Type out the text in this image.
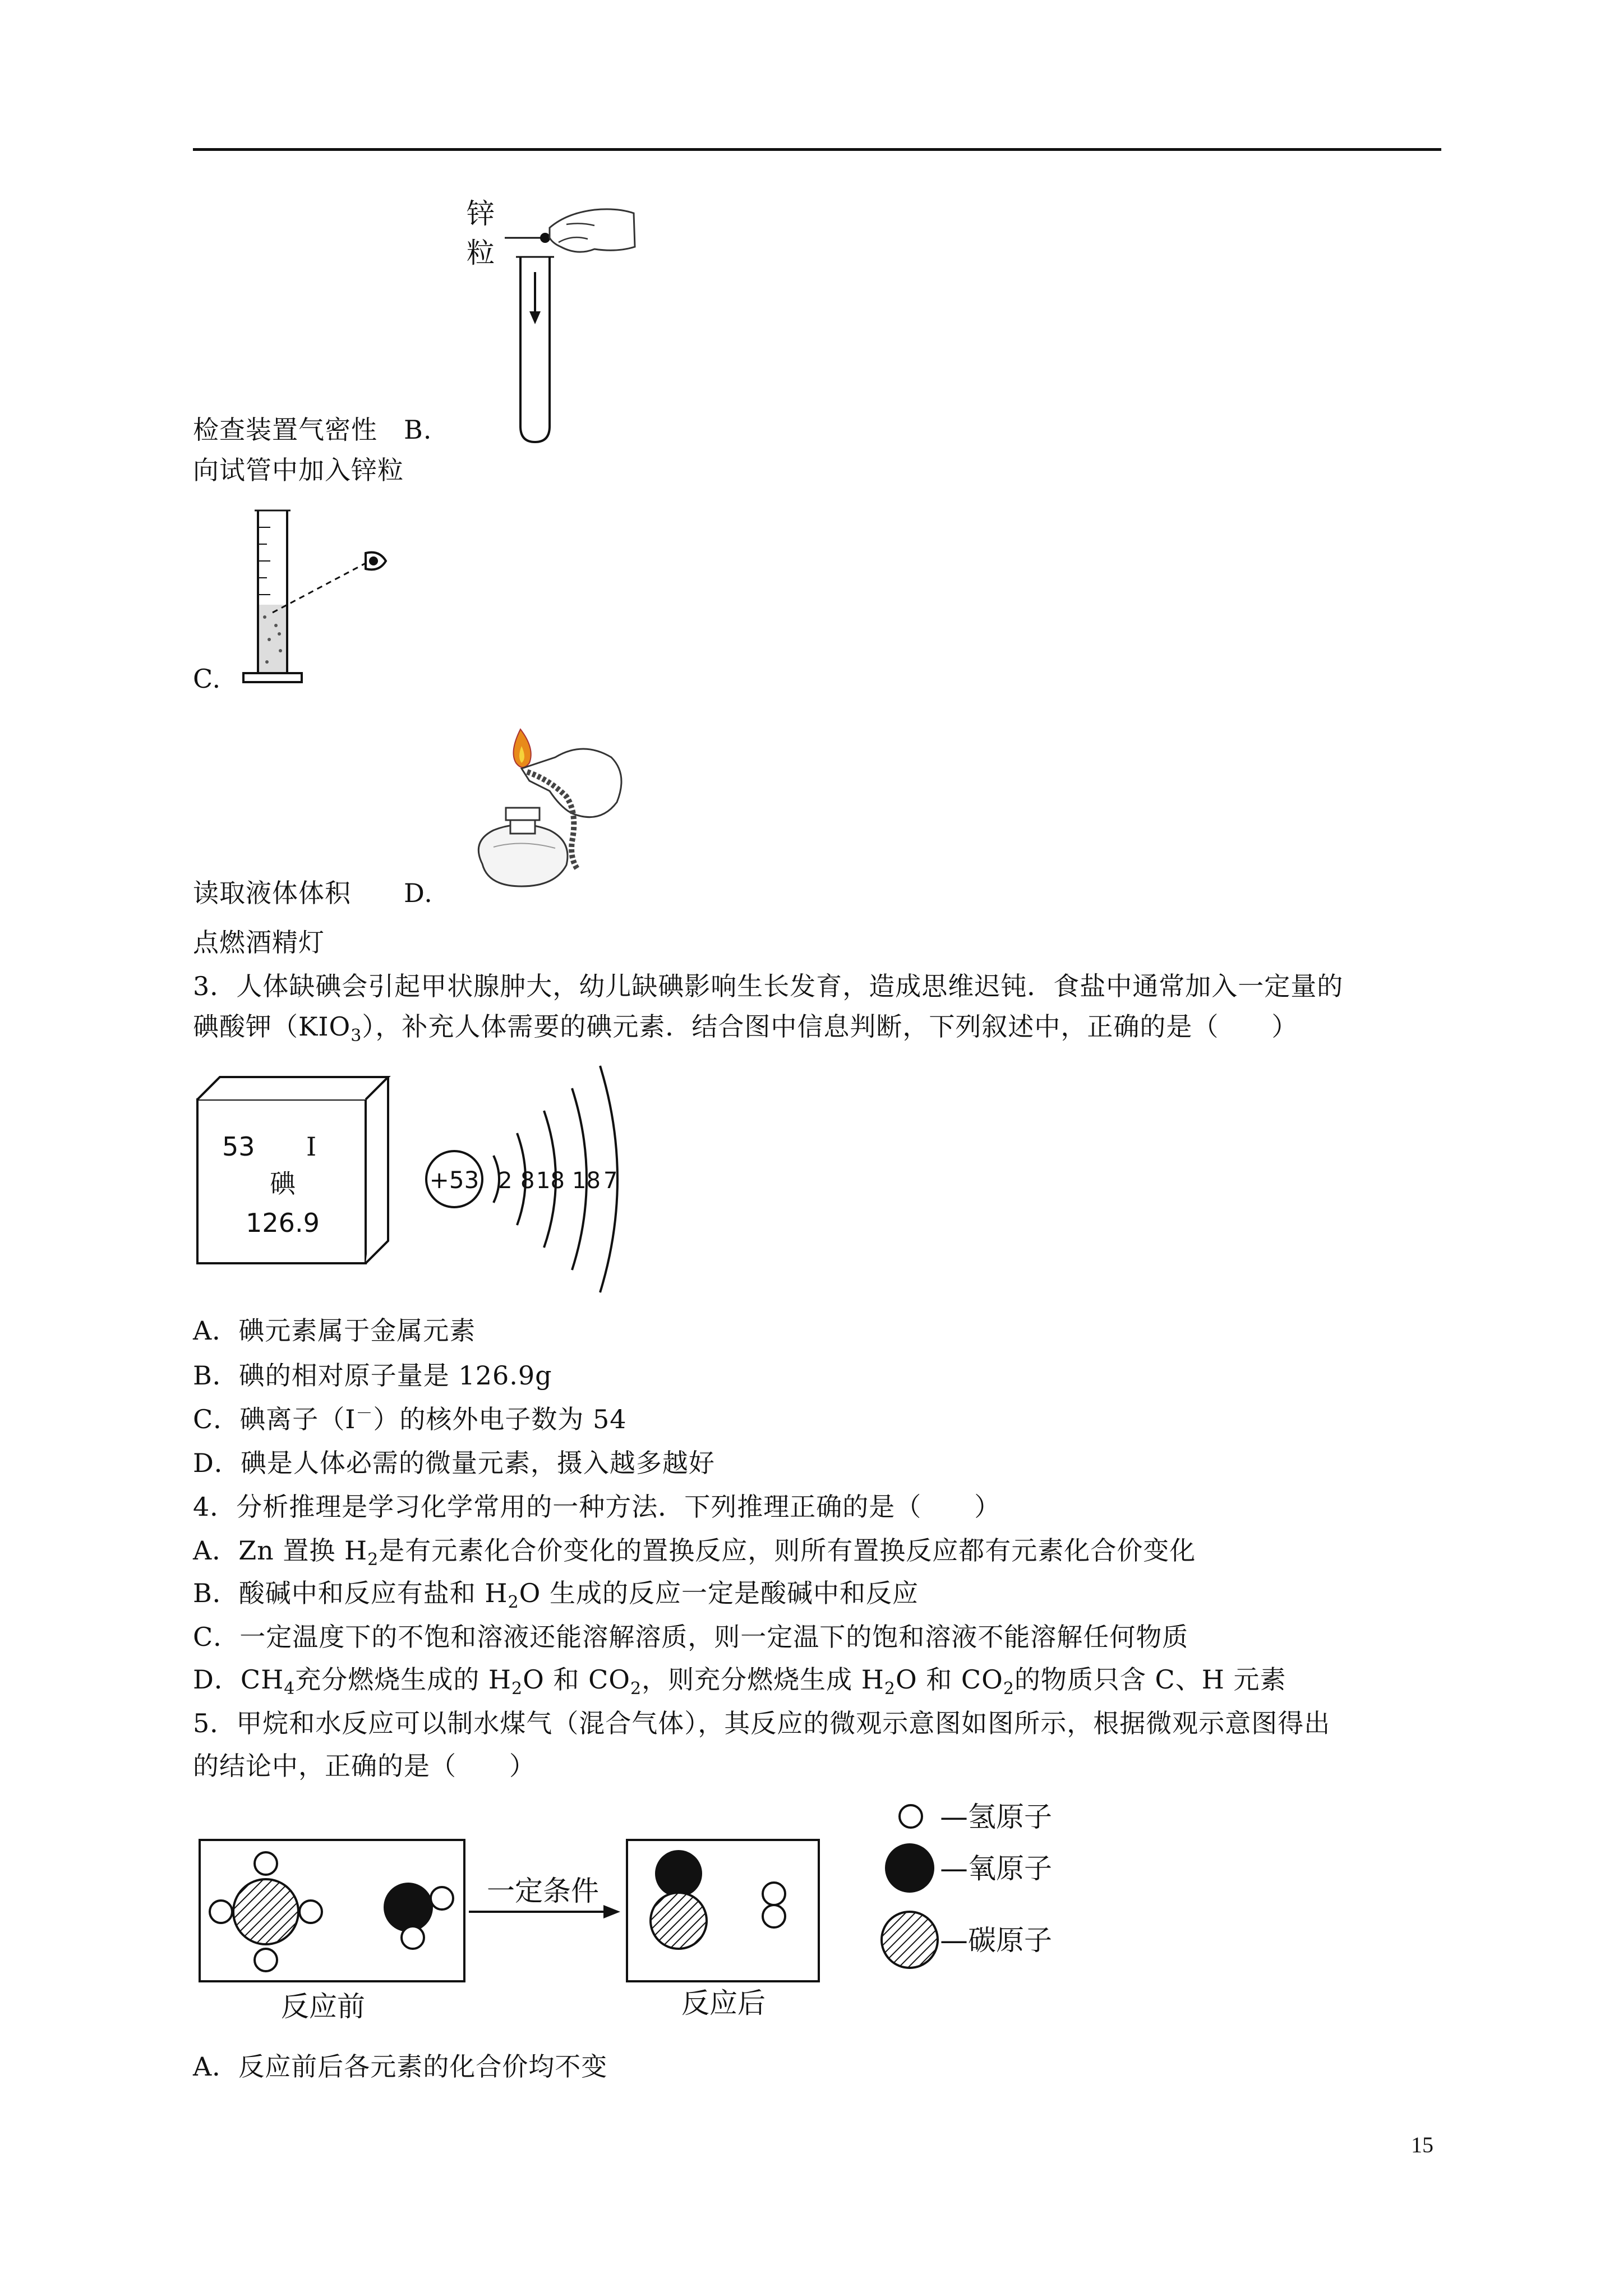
锌
粒
检查装置气密性　B.
向试管中加入锌粒
C.
读取液体体积　　D.
点燃酒精灯
3．人体缺碘会引起甲状腺肿大，幼儿缺碘影响生长发育，造成思维迟钝．食盐中通常加入一定量的
碘酸钾$(KIO_3)$，补充人体需要的碘元素．结合图中信息判断，下列叙述中，正确的是（　　）
53 I
碘
126.9
+53 2 8 18 18 7
A．碘元素属于金属元素
B．碘的相对原子量是 126.9g
C．碘离子（I－）的核外电子数为 54
D．碘是人体必需的微量元素，摄入越多越好
4．分析推理是学习化学常用的一种方法．下列推理正确的是（　　）
A．Zn 置换 $H_2$是有元素化合价变化的置换反应，则所有置换反应都有元素化合价变化
B．酸碱中和反应有盐和 $H_2O$ 生成的反应一定是酸碱中和反应
C．一定温度下的不饱和溶液还能溶解溶质，则一定温下的饱和溶液不能溶解任何物质
D．$CH_4$充分燃烧生成的 $H_2O$ 和 $CO_2$，则充分燃烧生成 $H_2O$ 和 $CO_2$的物质只含 C、H 元素
5．甲烷和水反应可以制水煤气（混合气体），其反应的微观示意图如图所示，根据微观示意图得出
的结论中，正确的是（　　）
一定条件
反应前	反应后
—氢原子
—氧原子
—碳原子
A．反应前后各元素的化合价均不变
15
